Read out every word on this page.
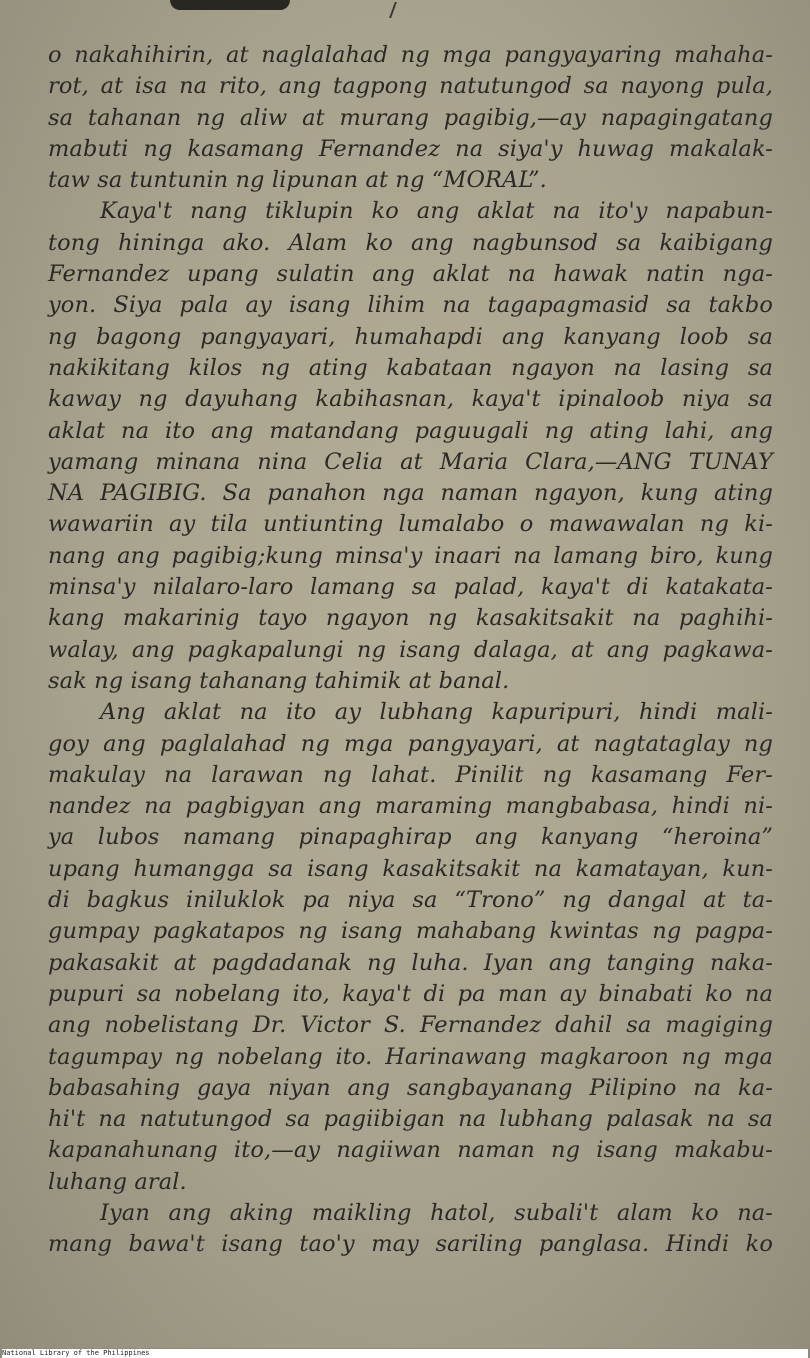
o nakahihirin, at naglalahad ng mga pangyayaring mahaha-
rot, at isa na rito, ang tagpong natutungod sa nayong pula,
sa tahanan ng aliw at murang pagibig,—ay napagingatang
mabuti ng kasamang Fernandez na siya'y huwag makalak-
taw sa tuntunin ng lipunan at ng “MORAL”.
Kaya't nang tiklupin ko ang aklat na ito'y napabun-
tong hininga ako. Alam ko ang nagbunsod sa kaibigang
Fernandez upang sulatin ang aklat na hawak natin nga-
yon. Siya pala ay isang lihim na tagapagmasid sa takbo
ng bagong pangyayari, humahapdi ang kanyang loob sa
nakikitang kilos ng ating kabataan ngayon na lasing sa
kaway ng dayuhang kabihasnan, kaya't ipinaloob niya sa
aklat na ito ang matandang paguugali ng ating lahi, ang
yamang minana nina Celia at Maria Clara,—ANG TUNAY
NA PAGIBIG. Sa panahon nga naman ngayon, kung ating
wawariin ay tila untiunting lumalabo o mawawalan ng ki-
nang ang pagibig;kung minsa'y inaari na lamang biro, kung
minsa'y nilalaro-laro lamang sa palad, kaya't di katakata-
kang makarinig tayo ngayon ng kasakitsakit na paghihi-
walay, ang pagkapalungi ng isang dalaga, at ang pagkawa-
sak ng isang tahanang tahimik at banal.
Ang aklat na ito ay lubhang kapuripuri, hindi mali-
goy ang paglalahad ng mga pangyayari, at nagtataglay ng
makulay na larawan ng lahat. Pinilit ng kasamang Fer-
nandez na pagbigyan ang maraming mangbabasa, hindi ni-
ya lubos namang pinapaghirap ang kanyang “heroina”
upang humangga sa isang kasakitsakit na kamatayan, kun-
di bagkus iniluklok pa niya sa “Trono” ng dangal at ta-
gumpay pagkatapos ng isang mahabang kwintas ng pagpa-
pakasakit at pagdadanak ng luha. Iyan ang tanging naka-
pupuri sa nobelang ito, kaya't di pa man ay binabati ko na
ang nobelistang Dr. Victor S. Fernandez dahil sa magiging
tagumpay ng nobelang ito. Harinawang magkaroon ng mga
babasahing gaya niyan ang sangbayanang Pilipino na ka-
hi't na natutungod sa pagiibigan na lubhang palasak na sa
kapanahunang ito,—ay nagiiwan naman ng isang makabu-
luhang aral.
Iyan ang aking maikling hatol, subali't alam ko na-
mang bawa't isang tao'y may sariling panglasa. Hindi ko
National Library of the Philippines
